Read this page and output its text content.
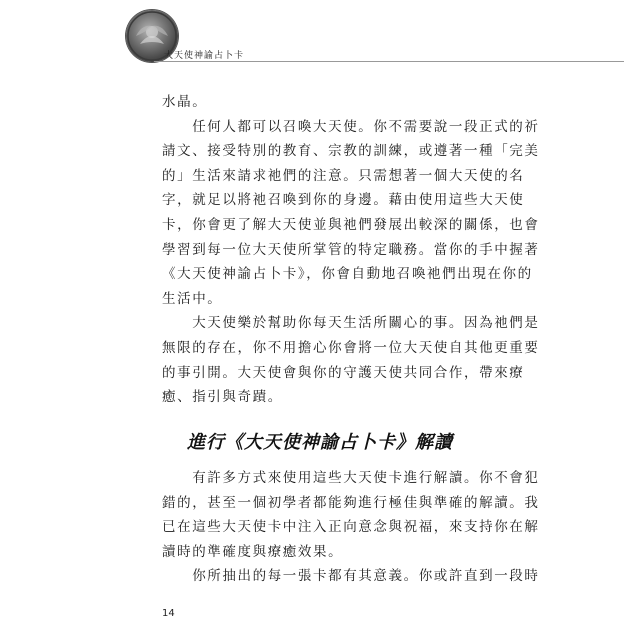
大天使神諭占卜卡

水晶。

　　任何人都可以召喚大天使。你不需要說一段正式的祈
請文、接受特別的教育、宗教的訓練，或遵著一種「完美
的」生活來請求祂們的注意。只需想著一個大天使的名
字，就足以將祂召喚到你的身邊。藉由使用這些大天使
卡，你會更了解大天使並與祂們發展出較深的關係，也會
學習到每一位大天使所掌管的特定職務。當你的手中握著
《大天使神諭占卜卡》，你會自動地召喚祂們出現在你的
生活中。

　　大天使樂於幫助你每天生活所關心的事。因為祂們是
無限的存在，你不用擔心你會將一位大天使自其他更重要
的事引開。大天使會與你的守護天使共同合作，帶來療
癒、指引與奇蹟。

進行《大天使神諭占卜卡》解讀

　　有許多方式來使用這些大天使卡進行解讀。你不會犯
錯的，甚至一個初學者都能夠進行極佳與準確的解讀。我
已在這些大天使卡中注入正向意念與祝福，來支持你在解
讀時的準確度與療癒效果。

　　你所抽出的每一張卡都有其意義。你或許直到一段時

14
